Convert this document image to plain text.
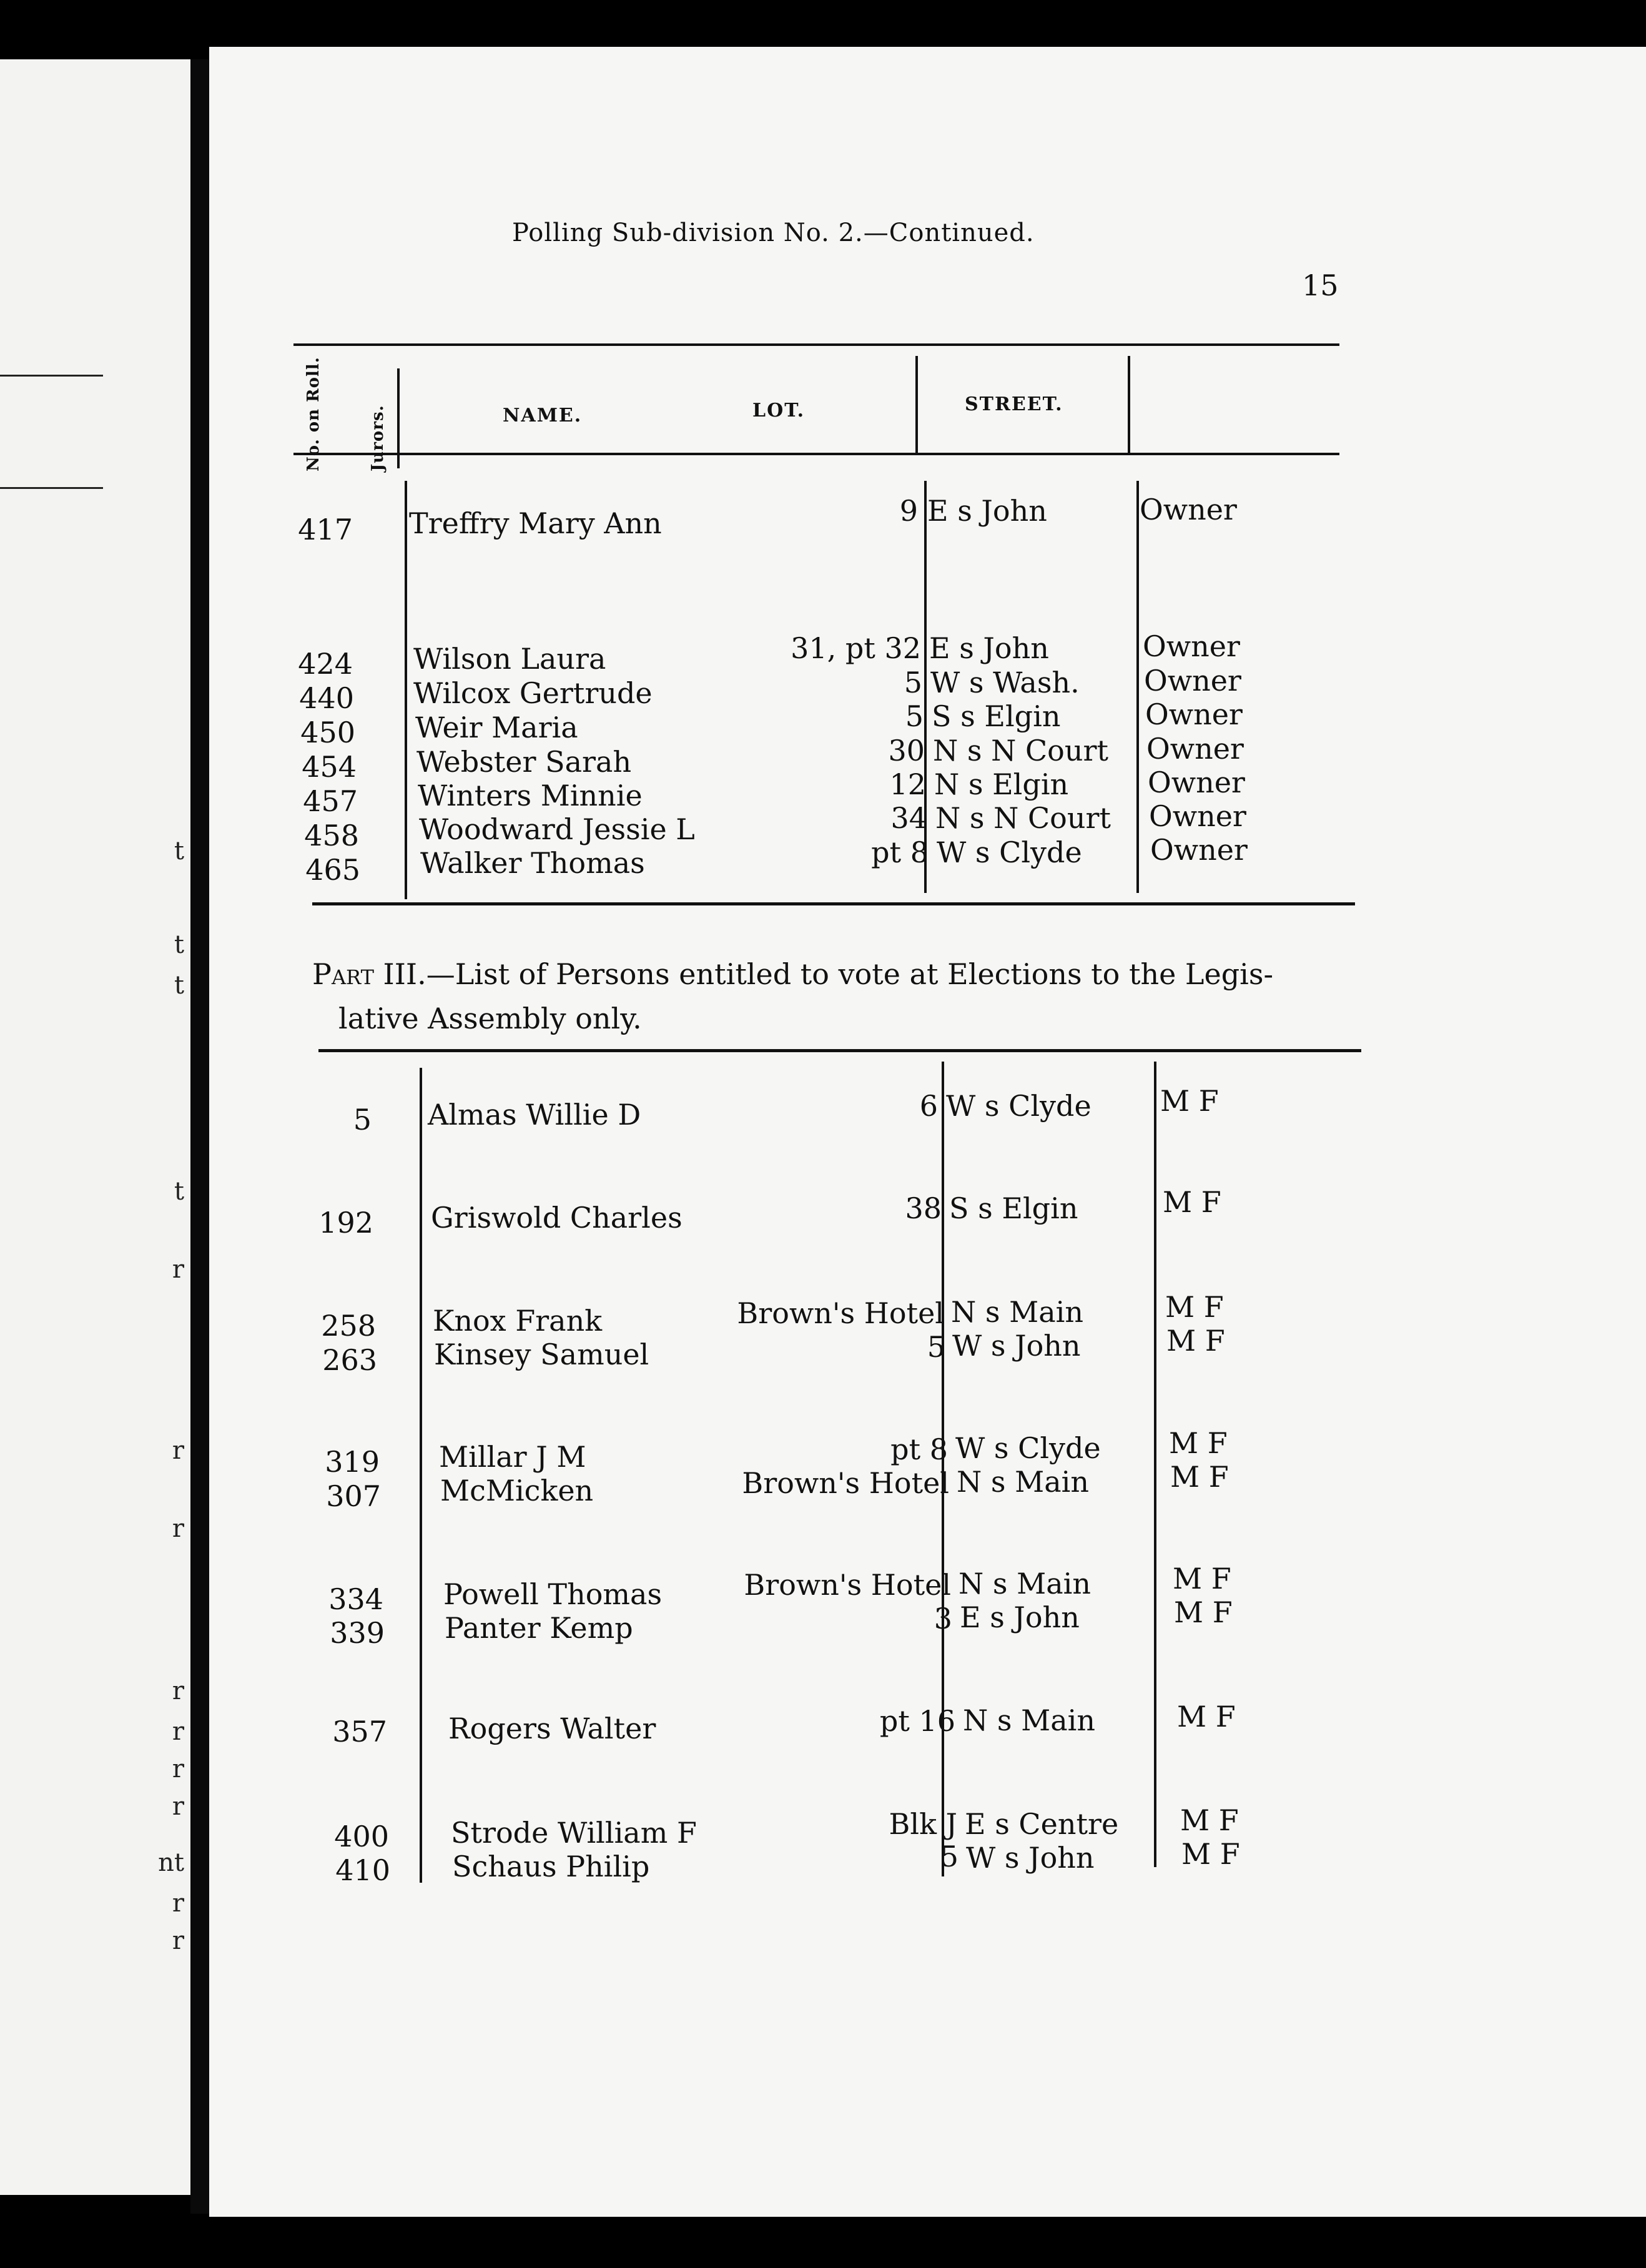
t
t
t
t
r
r
r
r
r
r
r
nt
r
r
Polling Sub-division No. 2.—Continued.
15
No. on Roll.	Jurors.	NAME.	LOT.	STREET.
417 Treffry Mary Ann	9 E s John	Owner
424 Wilson Laura	31, pt 32 E s John	Owner
440 Wilcox Gertrude	5 W s Wash. Owner
450 Weir Maria	5 S s Elgin	Owner
454 Webster Sarah	30 N s N Court Owner
457 Winters Minnie	12 N s Elgin	Owner
458 Woodward Jessie L	34 N s N Court Owner
465 Walker Thomas	pt 8 W s Clyde Owner
Part III.—List of Persons entitled to vote at Elections to the Legis-
lative Assembly only.
5 Almas Willie D	6 W s Clyde M F
192 Griswold Charles	38 S s Elgin	M F
258 Knox Frank	Brown's Hotel N s Main	M F
263 Kinsey Samuel	5 W s John	M F
319 Millar J M	pt 8 W s Clyde M F
307 McMicken	Brown's Hotel N s Main	M F
334 Powell Thomas	Brown's Hotel N s Main	M F
339 Panter Kemp	3 E s John	M F
357 Rogers Walter	pt 16 N s Main	M F
400 Strode William F	Blk J E s Centre M F
410 Schaus Philip	5 W s John	M F
